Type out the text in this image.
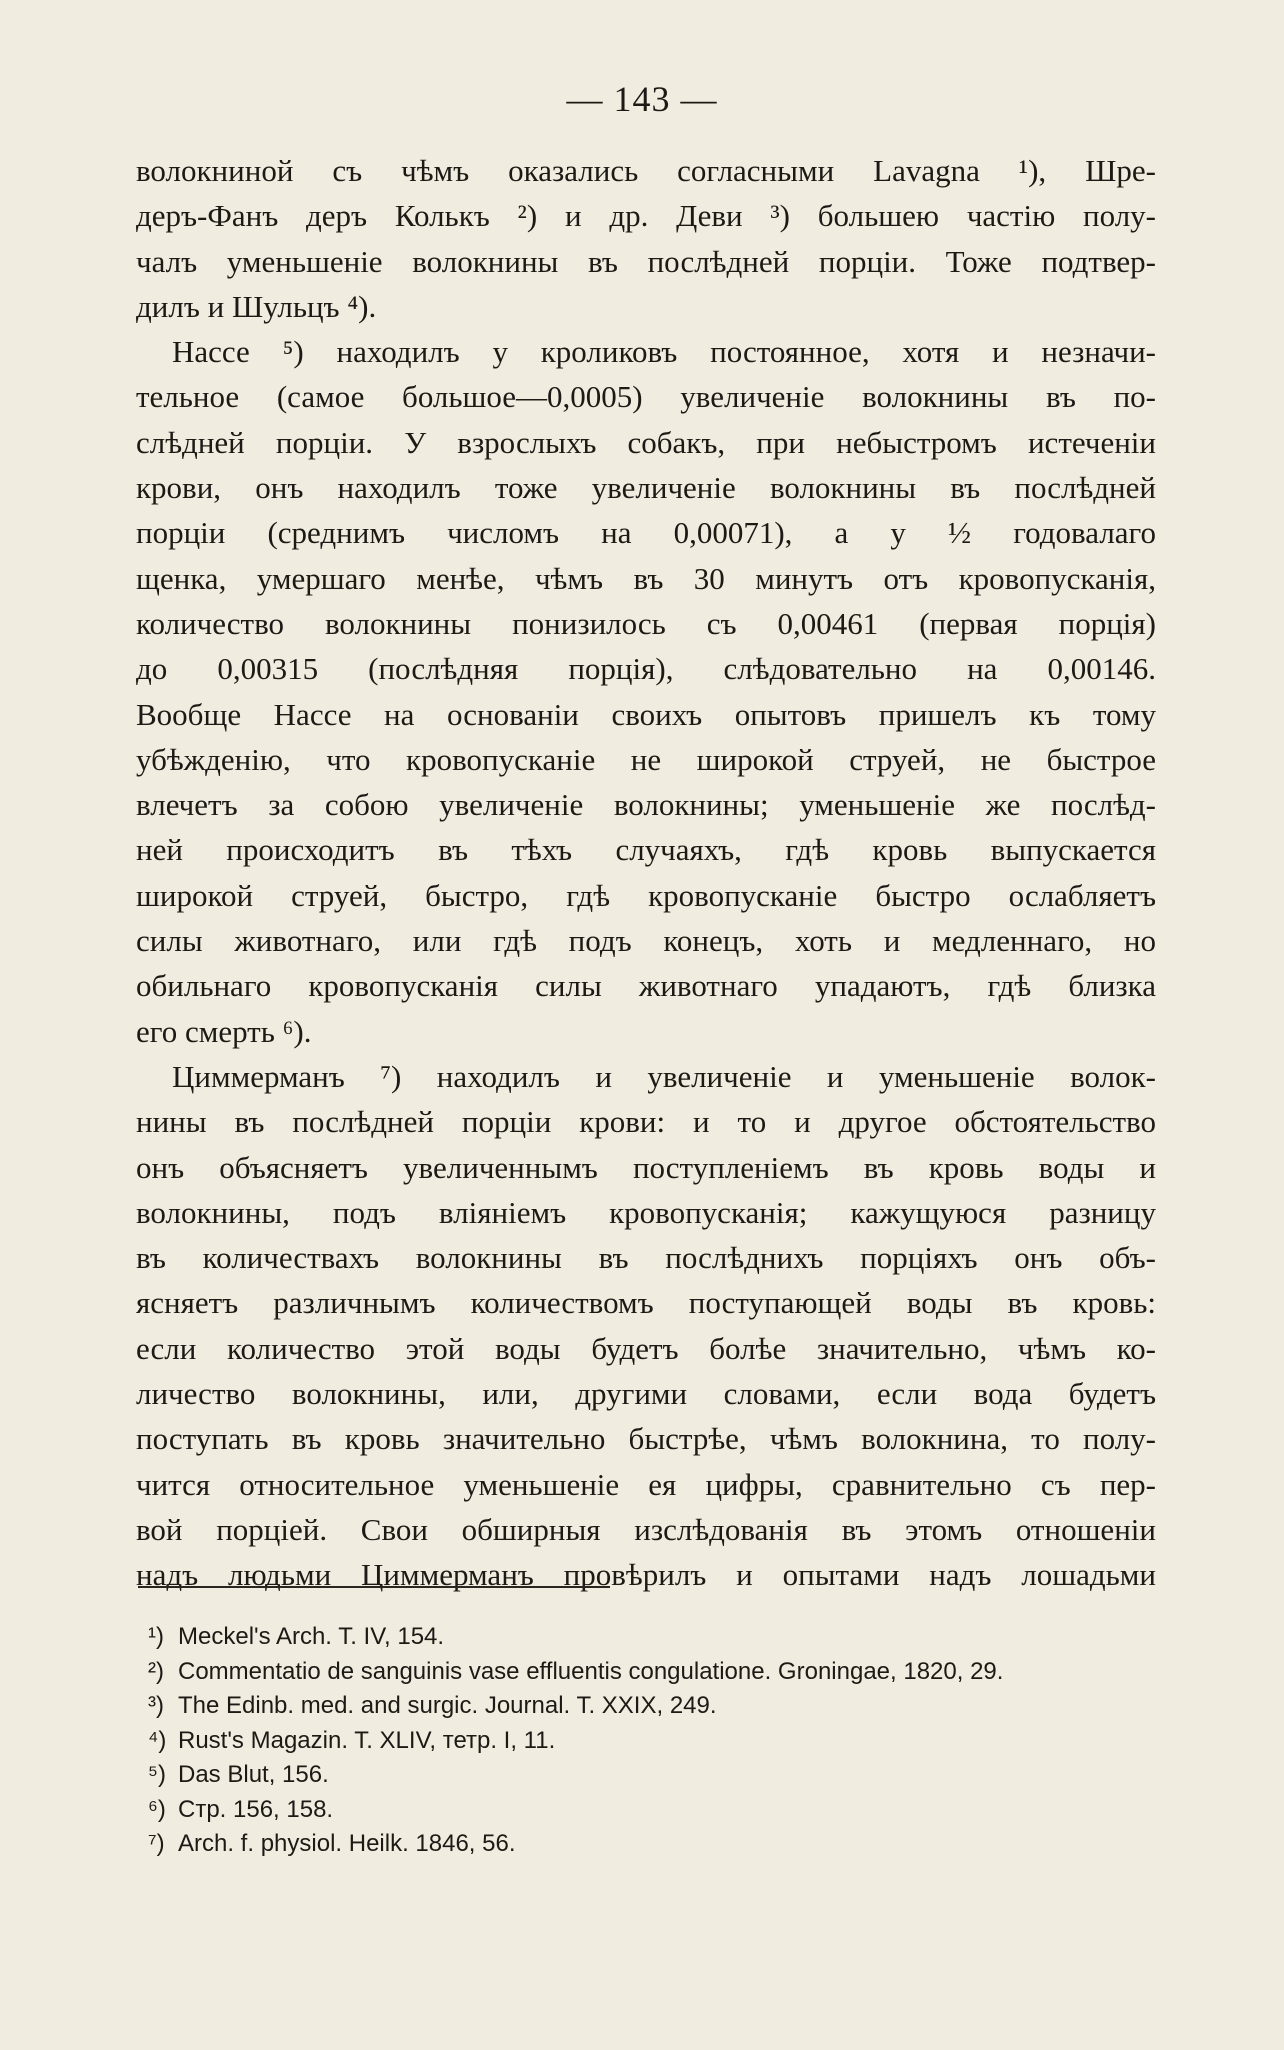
— 143 —
волокниной съ чѣмъ оказались согласными Lavagna ¹), Шре-
деръ-Фанъ деръ Колькъ ²) и др. Деви ³) большею частію полу-
чалъ уменьшеніе волокнины въ послѣдней порціи. Тоже подтвер-
дилъ и Шульцъ ⁴).
Нассе ⁵) находилъ у кроликовъ постоянное, хотя и незначи-
тельное (самое большое—0,0005) увеличеніе волокнины въ по-
слѣдней порціи. У взрослыхъ собакъ, при небыстромъ истеченіи
крови, онъ находилъ тоже увеличеніе волокнины въ послѣдней
порціи (среднимъ числомъ на 0,00071), а у ½ годовалаго
щенка, умершаго менѣе, чѣмъ въ 30 минутъ отъ кровопусканія,
количество волокнины понизилось съ 0,00461 (первая порція)
до 0,00315 (послѣдняя порція), слѣдовательно на 0,00146.
Вообще Нассе на основаніи своихъ опытовъ пришелъ къ тому
убѣжденію, что кровопусканіе не широкой струей, не быстрое
влечетъ за собою увеличеніе волокнины; уменьшеніе же послѣд-
ней происходитъ въ тѣхъ случаяхъ, гдѣ кровь выпускается
широкой струей, быстро, гдѣ кровопусканіе быстро ослабляетъ
силы животнаго, или гдѣ подъ конецъ, хоть и медленнаго, но
обильнаго кровопусканія силы животнаго упадаютъ, гдѣ близка
его смерть ⁶).
Циммерманъ ⁷) находилъ и увеличеніе и уменьшеніе волок-
нины въ послѣдней порціи крови: и то и другое обстоятельство
онъ объясняетъ увеличеннымъ поступленіемъ въ кровь воды и
волокнины, подъ вліяніемъ кровопусканія; кажущуюся разницу
въ количествахъ волокнины въ послѣднихъ порціяхъ онъ объ-
ясняетъ различнымъ количествомъ поступающей воды въ кровь:
если количество этой воды будетъ болѣе значительно, чѣмъ ко-
личество волокнины, или, другими словами, если вода будетъ
поступать въ кровь значительно быстрѣе, чѣмъ волокнина, то полу-
чится относительное уменьшеніе ея цифры, сравнительно съ пер-
вой порціей. Свои обширныя изслѣдованія въ этомъ отношеніи
надъ людьми Циммерманъ провѣрилъ и опытами надъ лошадьми
¹) Meckel's Arch. T. IV, 154.
²) Commentatio de sanguinis vase effluentis congulatione. Groningae, 1820, 29.
³) The Edinb. med. and surgic. Journal. T. XXIX, 249.
⁴) Rust's Magazin. T. XLIV, тетр. I, 11.
⁵) Das Blut, 156.
⁶) Стр. 156, 158.
⁷) Arch. f. physiol. Heilk. 1846, 56.
